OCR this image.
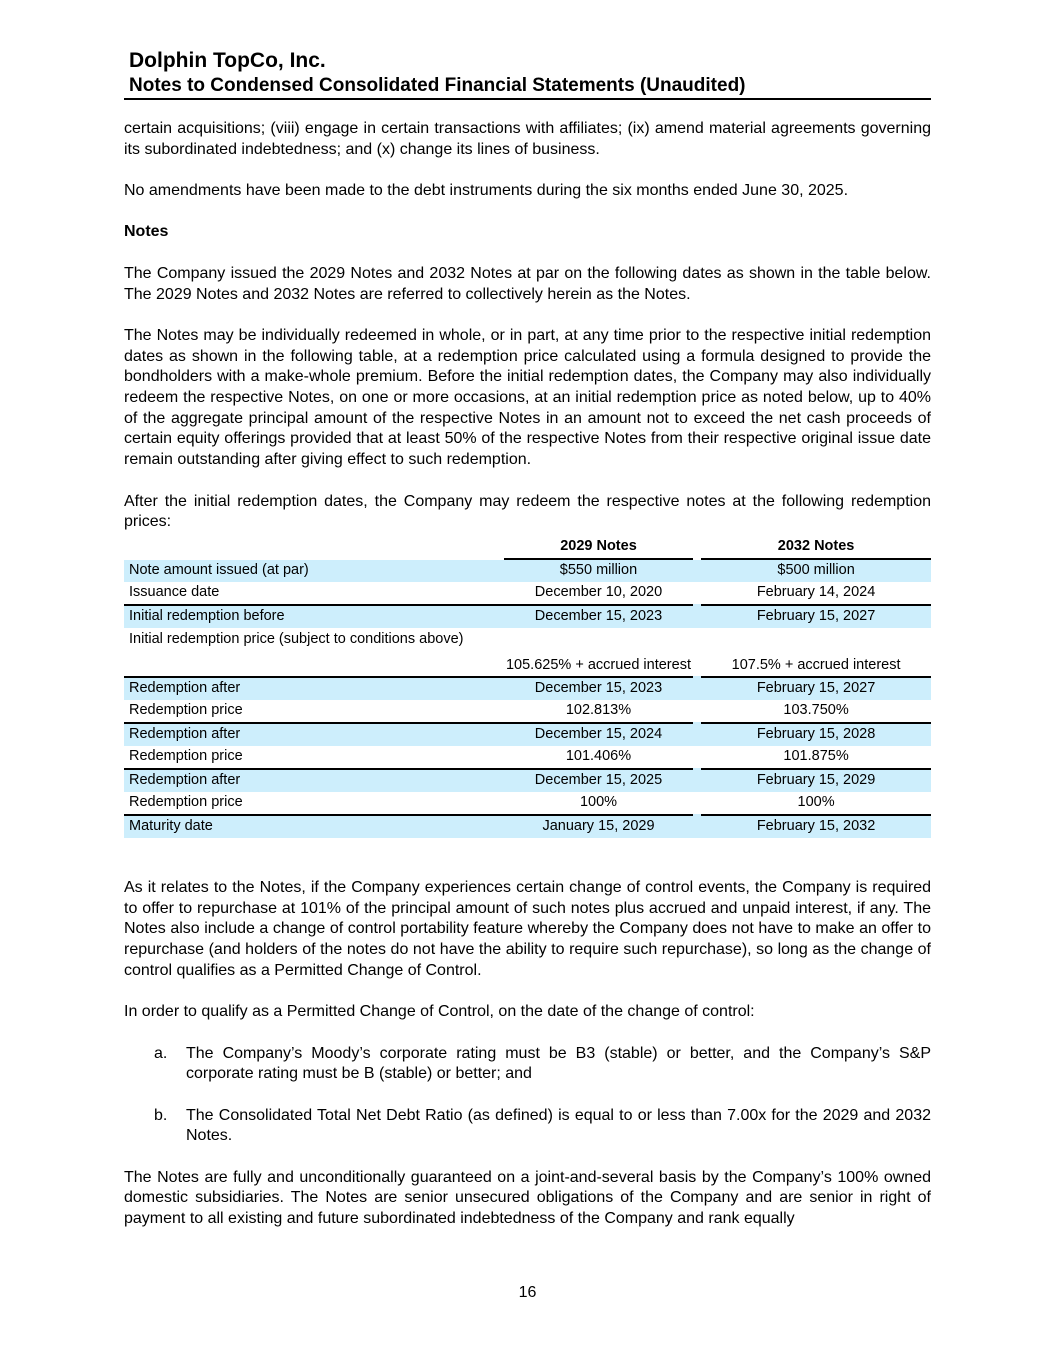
Dolphin TopCo, Inc.
Notes to Condensed Consolidated Financial Statements (Unaudited)

certain acquisitions; (viii) engage in certain transactions with affiliates; (ix) amend material agreements governing its subordinated indebtedness; and (x) change its lines of business.

No amendments have been made to the debt instruments during the six months ended June 30, 2025.

Notes

The Company issued the 2029 Notes and 2032 Notes at par on the following dates as shown in the table below. The 2029 Notes and 2032 Notes are referred to collectively herein as the Notes.

The Notes may be individually redeemed in whole, or in part, at any time prior to the respective initial redemption dates as shown in the following table, at a redemption price calculated using a formula designed to provide the bondholders with a make-whole premium. Before the initial redemption dates, the Company may also individually redeem the respective Notes, on one or more occasions, at an initial redemption price as noted below, up to 40% of the aggregate principal amount of the respective Notes in an amount not to exceed the net cash proceeds of certain equity offerings provided that at least 50% of the respective Notes from their respective original issue date remain outstanding after giving effect to such redemption.

After the initial redemption dates, the Company may redeem the respective notes at the following redemption prices:

	2029 Notes		2032 Notes
Note amount issued (at par)	$550 million		$500 million
Issuance date	December 10, 2020		February 14, 2024
Initial redemption before	December 15, 2023		February 15, 2027
Initial redemption price (subject to conditions above)	105.625% + accrued interest		107.5% + accrued interest
Redemption after	December 15, 2023		February 15, 2027
Redemption price	102.813%		103.750%
Redemption after	December 15, 2024		February 15, 2028
Redemption price	101.406%		101.875%
Redemption after	December 15, 2025		February 15, 2029
Redemption price	100%		100%
Maturity date	January 15, 2029		February 15, 2032

As it relates to the Notes, if the Company experiences certain change of control events, the Company is required to offer to repurchase at 101% of the principal amount of such notes plus accrued and unpaid interest, if any. The Notes also include a change of control portability feature whereby the Company does not have to make an offer to repurchase (and holders of the notes do not have the ability to require such repurchase), so long as the change of control qualifies as a Permitted Change of Control.

In order to qualify as a Permitted Change of Control, on the date of the change of control:

a.	The Company’s Moody’s corporate rating must be B3 (stable) or better, and the Company’s S&P corporate rating must be B (stable) or better; and
b.	The Consolidated Total Net Debt Ratio (as defined) is equal to or less than 7.00x for the 2029 and 2032 Notes.

The Notes are fully and unconditionally guaranteed on a joint-and-several basis by the Company’s 100% owned domestic subsidiaries. The Notes are senior unsecured obligations of the Company and are senior in right of payment to all existing and future subordinated indebtedness of the Company and rank equally

16
